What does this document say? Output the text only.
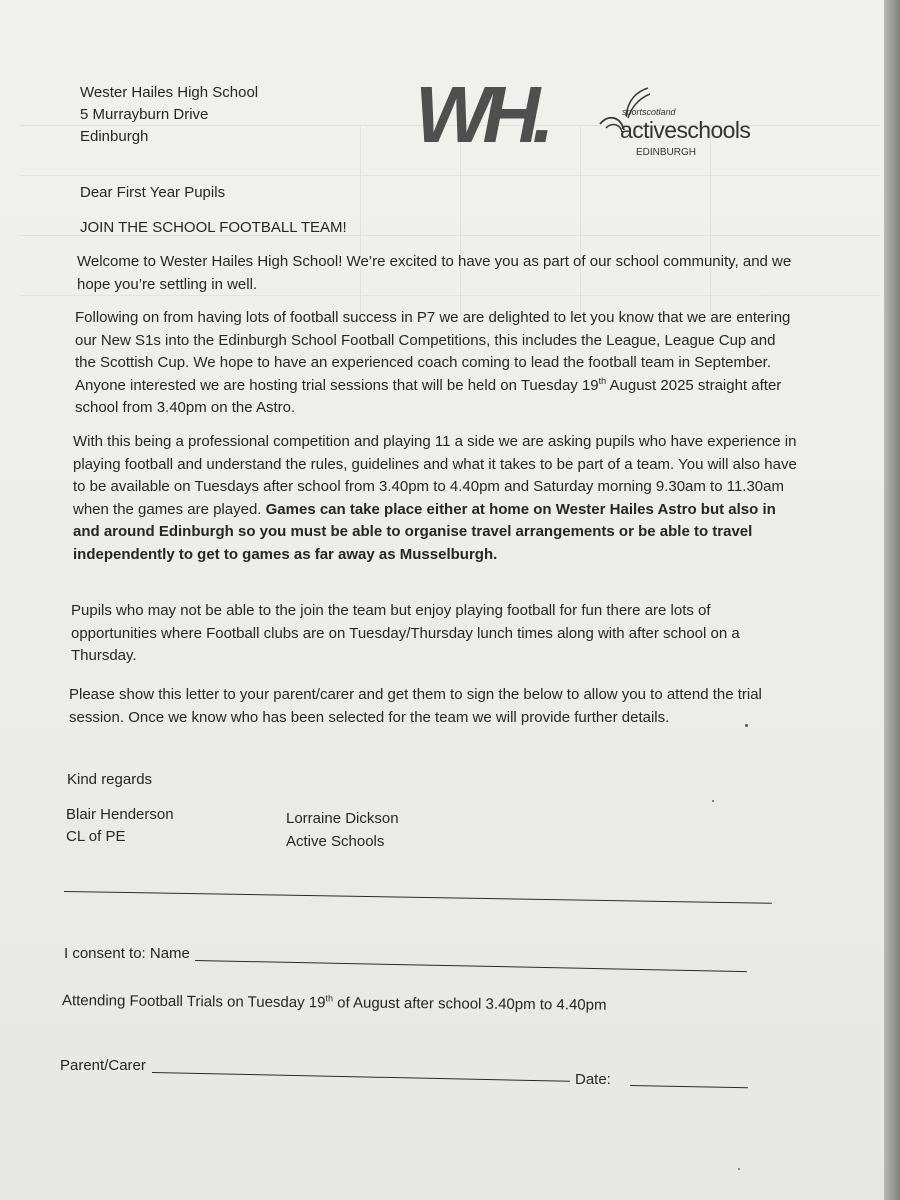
Wester Hailes High School
5 Murrayburn Drive
Edinburgh	WH.	sportscotland
activeschools
EDINBURGH
Dear First Year Pupils
JOIN THE SCHOOL FOOTBALL TEAM!
Welcome to Wester Hailes High School! We’re excited to have you as part of our school community, and we hope you’re settling in well.
Following on from having lots of football success in P7 we are delighted to let you know that we are entering our New S1s into the Edinburgh School Football Competitions, this includes the League, League Cup and the Scottish Cup. We hope to have an experienced coach coming to lead the football team in September. Anyone interested we are hosting trial sessions that will be held on Tuesday 19th August 2025 straight after school from 3.40pm on the Astro.
With this being a professional competition and playing 11 a side we are asking pupils who have experience in playing football and understand the rules, guidelines and what it takes to be part of a team. You will also have to be available on Tuesdays after school from 3.40pm to 4.40pm and Saturday morning 9.30am to 11.30am when the games are played. Games can take place either at home on Wester Hailes Astro but also in and around Edinburgh so you must be able to organise travel arrangements or be able to travel independently to get to games as far away as Musselburgh.
Pupils who may not be able to the join the team but enjoy playing football for fun there are lots of opportunities where Football clubs are on Tuesday/Thursday lunch times along with after school on a Thursday.
Please show this letter to your parent/carer and get them to sign the below to allow you to attend the trial session. Once we know who has been selected for the team we will provide further details.
Kind regards
Blair Henderson
CL of PE
Lorraine Dickson
Active Schools
I consent to: Name
Attending Football Trials on Tuesday 19th of August after school 3.40pm to 4.40pm
Parent/Carer
Date:
